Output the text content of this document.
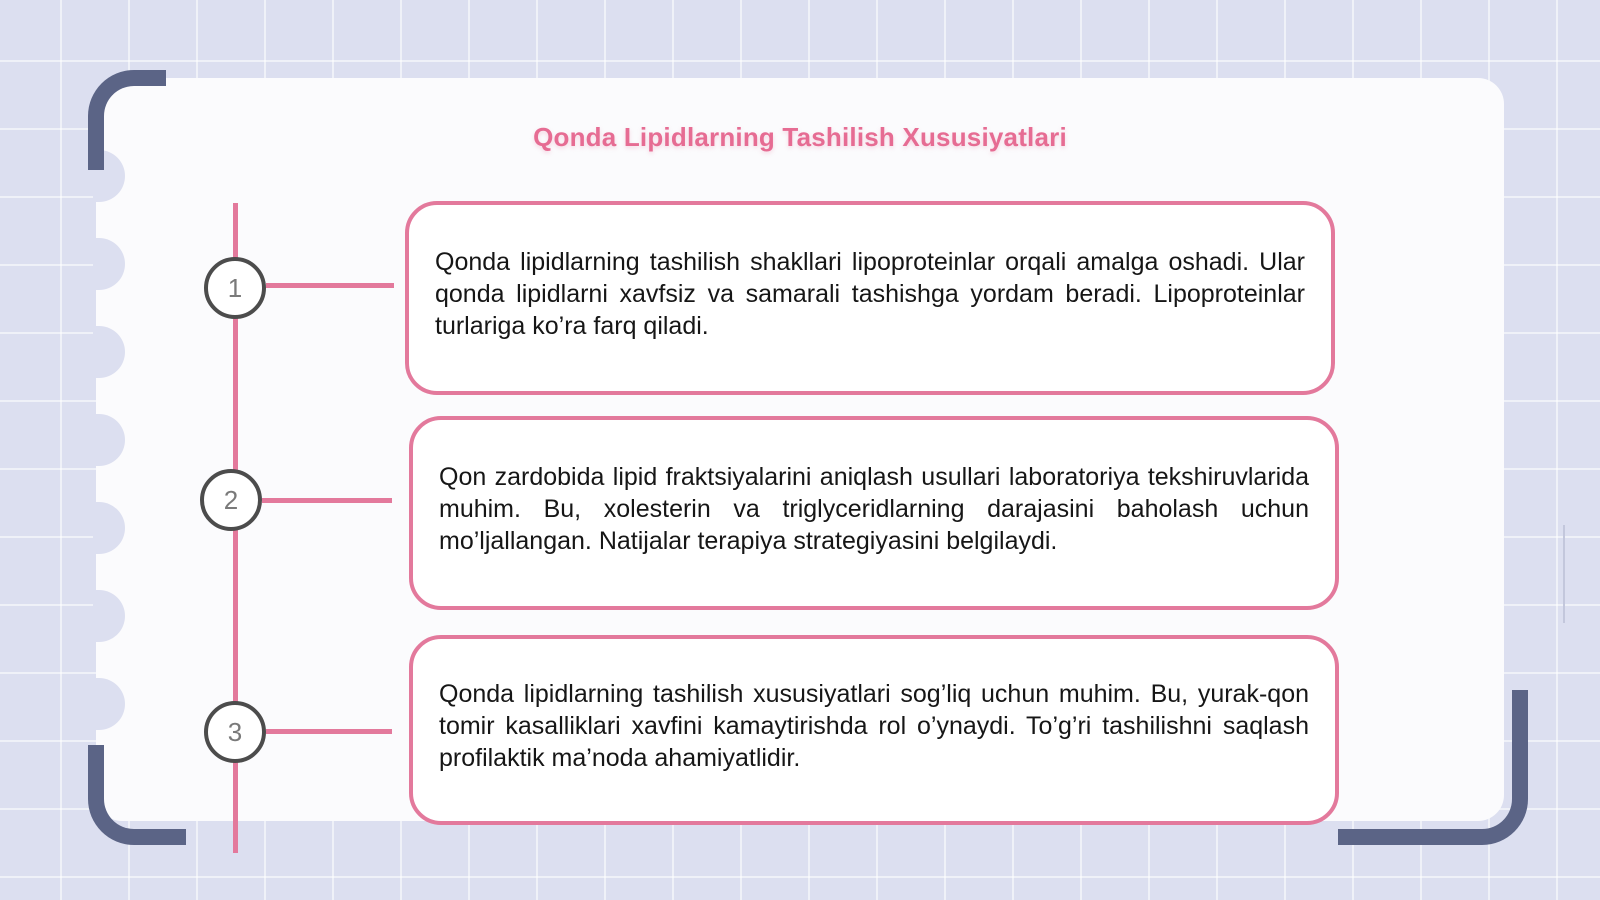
Qonda Lipidlarning Tashilish Xususiyatlari
1
2
3

Qonda lipidlarning tashilish shakllari lipoproteinlar orqali amalga oshadi. Ular qonda lipidlarni xavfsiz va samarali tashishga yordam beradi. Lipoproteinlar turlariga ko’ra farq qiladi.

Qon zardobida lipid fraktsiyalarini aniqlash usullari laboratoriya tekshiruvlarida muhim. Bu, xolesterin va triglyceridlarning darajasini baholash uchun mo’ljallangan. Natijalar terapiya strategiyasini belgilaydi.

Qonda lipidlarning tashilish xususiyatlari sog’liq uchun muhim. Bu, yurak-qon tomir kasalliklari xavfini kamaytirishda rol o’ynaydi. To’g’ri tashilishni saqlash profilaktik ma’noda ahamiyatlidir.
